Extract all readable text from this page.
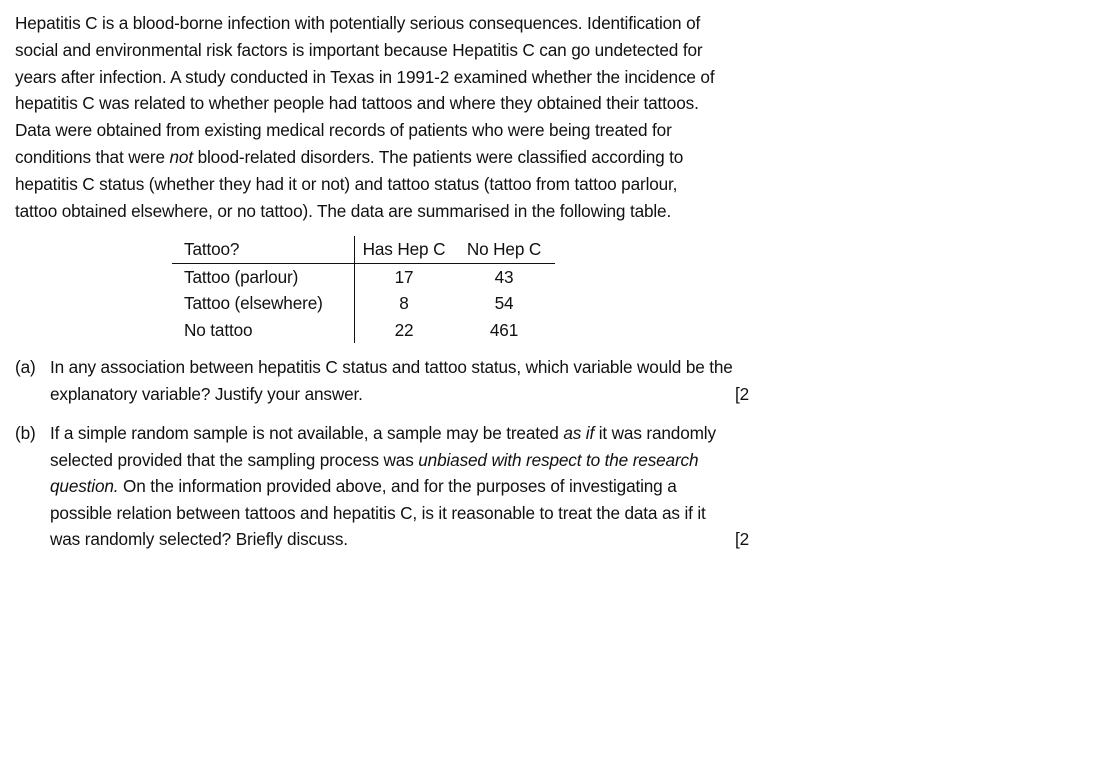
Hepatitis C is a blood-borne infection with potentially serious consequences. Identification of
social and environmental risk factors is important because Hepatitis C can go undetected for
years after infection. A study conducted in Texas in 1991-2 examined whether the incidence of
hepatitis C was related to whether people had tattoos and where they obtained their tattoos.
Data were obtained from existing medical records of patients who were being treated for
conditions that were not blood-related disorders. The patients were classified according to
hepatitis C status (whether they had it or not) and tattoo status (tattoo from tattoo parlour,
tattoo obtained elsewhere, or no tattoo). The data are summarised in the following table.
Tattoo?	Has Hep C	No Hep C
Tattoo (parlour)	17	43
Tattoo (elsewhere)	8	54
No tattoo	22	461
(a) In any association between hepatitis C status and tattoo status, which variable would be the
explanatory variable? Justify your answer.	[2
(b) If a simple random sample is not available, a sample may be treated as if it was randomly
selected provided that the sampling process was unbiased with respect to the research
question. On the information provided above, and for the purposes of investigating a
possible relation between tattoos and hepatitis C, is it reasonable to treat the data as if it
was randomly selected? Briefly discuss.	[2
